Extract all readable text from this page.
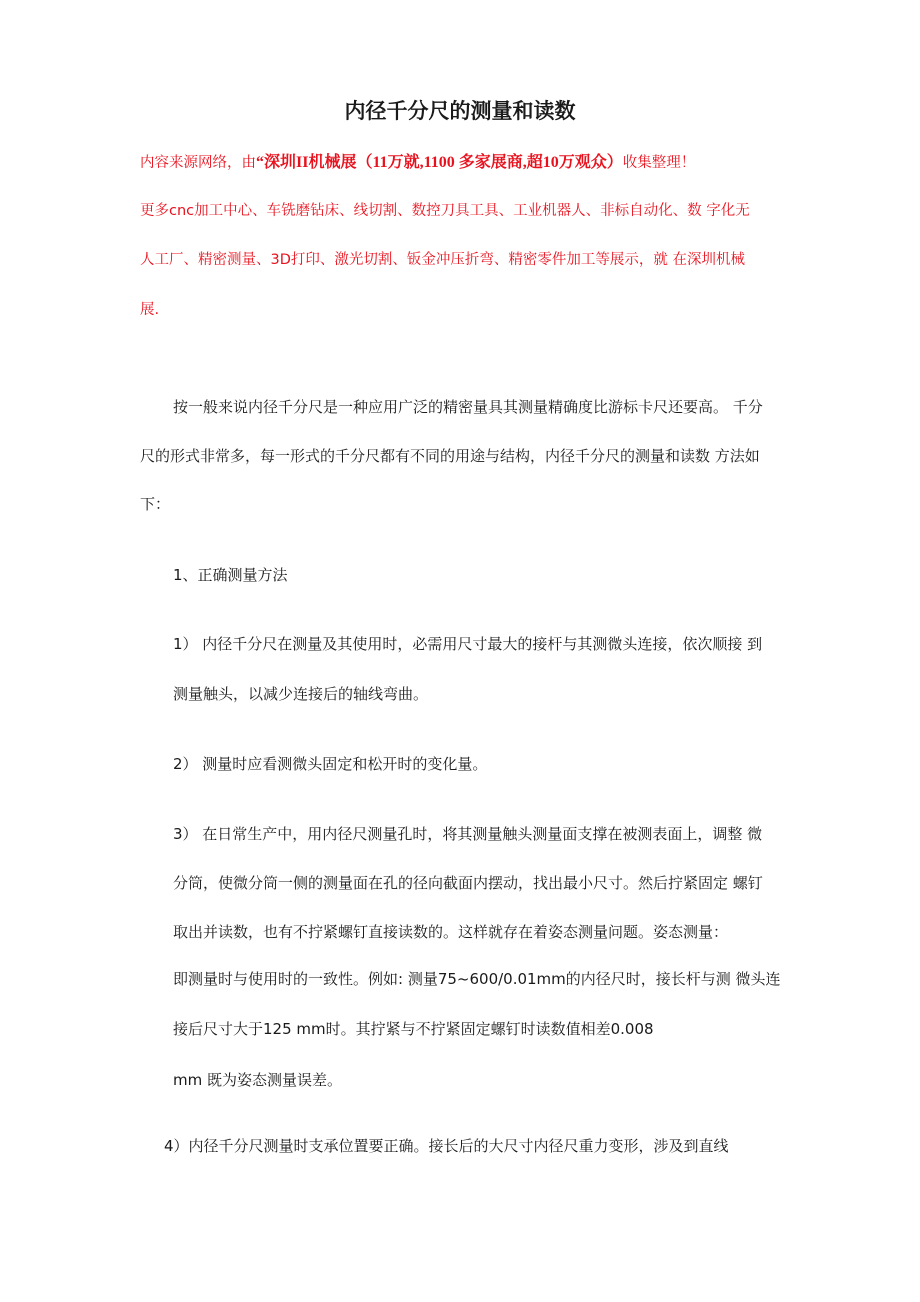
内径千分尺的测量和读数
内容来源网络，由“深圳II机械展（11万就,1100 多家展商,超10万观众）收集整理！
更多cnc加工中心、车铣磨钻床、线切割、数控刀具工具、工业机器人、非标自动化、数 字化无
人工厂、精密测量、3D打印、激光切割、钣金冲压折弯、精密零件加工等展示，就 在深圳机械
展.
按一般来说内径千分尺是一种应用广泛的精密量具其测量精确度比游标卡尺还要高。 千分
尺的形式非常多，每一形式的千分尺都有不同的用途与结构，内径千分尺的测量和读数 方法如
下：
1、正确测量方法
1） 内径千分尺在测量及其使用时，必需用尺寸最大的接杆与其测微头连接，依次顺接 到
测量触头，以减少连接后的轴线弯曲。
2） 测量时应看测微头固定和松开时的变化量。
3） 在日常生产中，用内径尺测量孔时，将其测量触头测量面支撑在被测表面上，调整 微
分筒，使微分筒一侧的测量面在孔的径向截面内摆动，找出最小尺寸。然后拧紧固定 螺钉
取出并读数，也有不拧紧螺钉直接读数的。这样就存在着姿态测量问题。姿态测量：
即测量时与使用时的一致性。例如: 测量75~600/0.01mm的内径尺时，接长杆与测 微头连
接后尺寸大于125 mm时。其拧紧与不拧紧固定螺钉时读数值相差0.008
mm 既为姿态测量误差。
4）内径千分尺测量时支承位置要正确。接长后的大尺寸内径尺重力变形，涉及到直线
